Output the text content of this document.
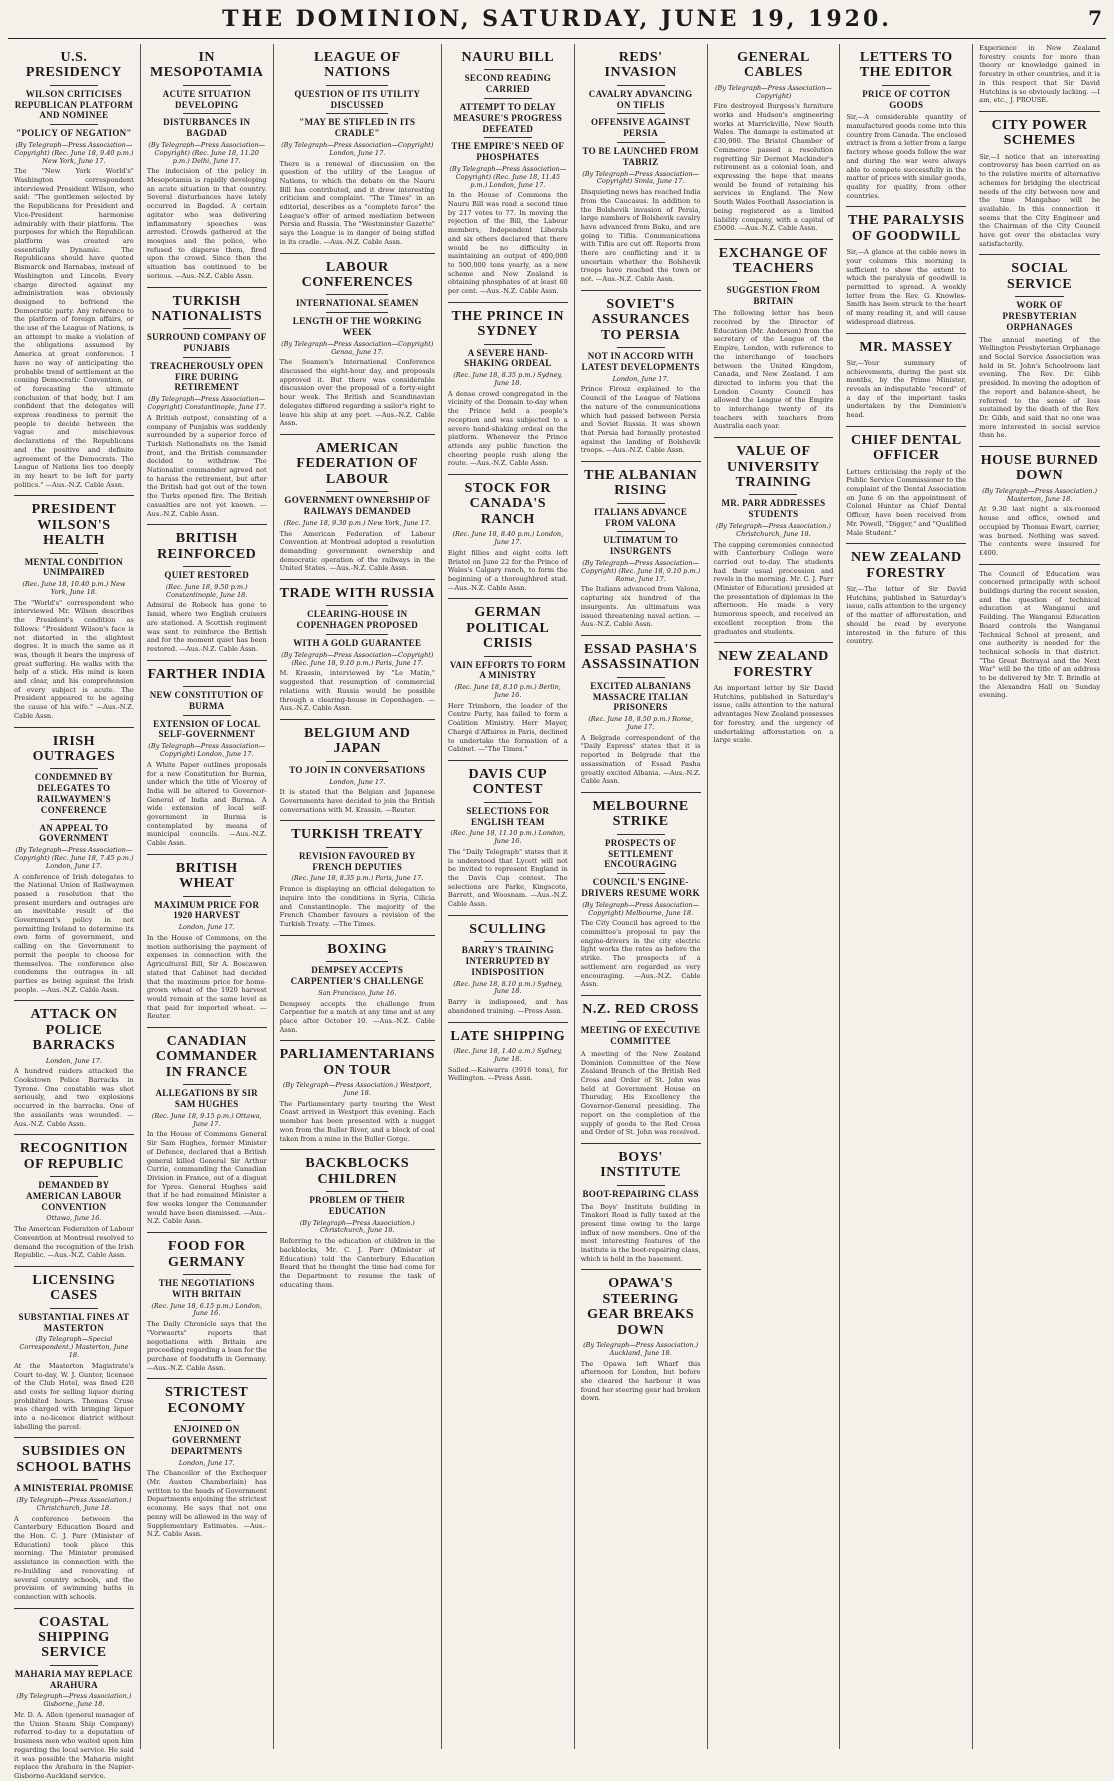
THE DOMINION, SATURDAY, JUNE 19, 1920.	7
U.S. PRESIDENCY
WILSON CRITICISES REPUBLICAN PLATFORM AND NOMINEE
"POLICY OF NEGATION"
(By Telegraph—Press Association—Copyright) (Rec. June 18, 9.40 p.m.) New York, June 17.

The "New York World's" Washington correspondent interviewed President Wilson, who said: "The gentlemen selected by the Republicans for President and Vice-President harmonise admirably with their platform. The purposes for which the Republican platform was created are essentially Dynamic. The Republicans should have quoted Bismarck and Barnabas, instead of Washington and Lincoln. Every charge directed against my administration was obviously designed to befriend the Democratic party. Any reference to the platform of foreign affairs, or the use of the League of Nations, is an attempt to make a violation of the obligations assumed by America at great conference. I have no way of anticipating the probable trend of settlement at the coming Democratic Convention, or of forecasting the ultimate conclusion of that body, but I am confident that the delegates will express readiness to permit the people to decide between the vague and mischievous declarations of the Republicans and the positive and definite agreement of the Democrats. The League of Nations lies too deeply in my heart to be left for party politics." —Aus.-N.Z. Cable Assn.

PRESIDENT WILSON'S HEALTH
MENTAL CONDITION UNIMPAIRED
(Rec. June 18, 10.40 p.m.) New York, June 18.

The "World's" correspondent who interviewed Mr. Wilson describes the President's condition as follows: "President Wilson's face is not distorted in the slightest degree. It is much the same as it was, though it bears the impress of great suffering. He walks with the help of a stick. His mind is keen and clear, and his comprehension of every subject is acute. The President appeared to be ageing the cause of his wife." —Aus.-N.Z. Cable Assn.

IRISH OUTRAGES
CONDEMNED BY DELEGATES TO RAILWAYMEN'S CONFERENCE
AN APPEAL TO GOVERNMENT
(By Telegraph—Press Association—Copyright) (Rec. June 18, 7.45 p.m.) London, June 17.

A conference of Irish delegates to the National Union of Railwaymen passed a resolution that the present murders and outrages are an inevitable result of the Government's policy in not permitting Ireland to determine its own form of government, and calling on the Government to permit the people to choose for themselves. The conference also condemns the outrages in all parties as being against the Irish people. —Aus.-N.Z. Cable Assn.

ATTACK ON POLICE BARRACKS
London, June 17.

A hundred raiders attacked the Cookstown Police Barracks in Tyrone. One constable was shot seriously, and two explosions occurred in the barracks. One of the assailants was wounded. —Aus.-N.Z. Cable Assn.

RECOGNITION OF REPUBLIC
DEMANDED BY AMERICAN LABOUR CONVENTION
Ottawa, June 16.

The American Federation of Labour Convention at Montreal resolved to demand the recognition of the Irish Republic. —Aus.-N.Z. Cable Assn.

LICENSING CASES
SUBSTANTIAL FINES AT MASTERTON
(By Telegraph—Special Correspondent.) Masterton, June 18.

At the Masterton Magistrate's Court to-day, W. J. Gunter, licensee of the Club Hotel, was fined £20 and costs for selling liquor during prohibited hours. Thomas Cruse was charged with bringing liquor into a no-licence district without labelling the parcel.

SUBSIDIES ON SCHOOL BATHS
A MINISTERIAL PROMISE
(By Telegraph—Press Association.) Christchurch, June 18.

A conference between the Canterbury Education Board and the Hon. C. J. Parr (Minister of Education) took place this morning. The Minister promised assistance in connection with the re-building and renovating of several country schools, and the provision of swimming baths in connection with schools.

COASTAL SHIPPING SERVICE
MAHARIA MAY REPLACE ARAHURA
(By Telegraph—Press Association.) Gisborne, June 18.

Mr. D. A. Allen (general manager of the Union Steam Ship Company) referred to-day to a deputation of business men who waited upon him regarding the local service. He said it was possible the Maharia might replace the Arahura in the Napier-Gisborne-Auckland service.

IN MESOPOTAMIA
ACUTE SITUATION DEVELOPING
DISTURBANCES IN BAGDAD
(By Telegraph—Press Association—Copyright) (Rec. June 18, 11.20 p.m.) Delhi, June 17.

The indecision of the policy in Mesopotamia is rapidly developing an acute situation in that country. Several disturbances have lately occurred in Bagdad. A certain agitator who was delivering inflammatory speeches was arrested. Crowds gathered at the mosques and the police, who refused to disperse them, fired upon the crowd. Since then the situation has continued to be serious. —Aus.-N.Z. Cable Assn.

TURKISH NATIONALISTS
SURROUND COMPANY OF PUNJABIS
TREACHEROUSLY OPEN FIRE DURING RETIREMENT
(By Telegraph—Press Association—Copyright) Constantinople, June 17.

A British outpost, consisting of a company of Punjabis was suddenly surrounded by a superior force of Turkish Nationalists on the Ismid front, and the British commander decided to withdraw. The Nationalist commander agreed not to harass the retirement, but after the British had got out of the town the Turks opened fire. The British casualties are not yet known. —Aus.-N.Z. Cable Assn.

BRITISH REINFORCED
QUIET RESTORED
(Rec. June 18, 9.50 p.m.) Constantinople, June 18.

Admiral de Robeck has gone to Ismid, where two English cruisers are stationed. A Scottish regiment was sent to reinforce the British and for the moment quiet has been restored. —Aus.-N.Z. Cable Assn.

FARTHER INDIA
NEW CONSTITUTION OF BURMA
EXTENSION OF LOCAL SELF-GOVERNMENT
(By Telegraph—Press Association—Copyright) London, June 17.

A White Paper outlines proposals for a new Constitution for Burma, under which the title of Viceroy of India will be altered to Governor-General of India and Burma. A wide extension of local self-government in Burma is contemplated by means of municipal councils. —Aus.-N.Z. Cable Assn.

BRITISH WHEAT
MAXIMUM PRICE FOR 1920 HARVEST
London, June 17.

In the House of Commons, on the motion authorising the payment of expenses in connection with the Agricultural Bill, Sir A. Boscawen stated that Cabinet had decided that the maximum price for home-grown wheat of the 1920 harvest would remain at the same level as that paid for imported wheat. —Reuter.

CANADIAN COMMANDER IN FRANCE
ALLEGATIONS BY SIR SAM HUGHES
(Rec. June 18, 9.15 p.m.) Ottawa, June 17.

In the House of Commons General Sir Sam Hughes, former Minister of Defence, declared that a British general killed General Sir Arthur Currie, commanding the Canadian Division in France, out of a disgust for Ypres. General Hughes said that if he had remained Minister a few weeks longer the Commander would have been dismissed. —Aus.-N.Z. Cable Assn.

FOOD FOR GERMANY
THE NEGOTIATIONS WITH BRITAIN
(Rec. June 18, 6.15 p.m.) London, June 16.

The Daily Chronicle says that the "Vorwaerts" reports that negotiations with Britain are proceeding regarding a loan for the purchase of foodstuffs in Germany. —Aus.-N.Z. Cable Assn.

STRICTEST ECONOMY
ENJOINED ON GOVERNMENT DEPARTMENTS
London, June 17.

The Chancellor of the Exchequer (Mr. Austen Chamberlain) has written to the heads of Government Departments enjoining the strictest economy. He says that not one penny will be allowed in the way of Supplementary Estimates. —Aus.-N.Z. Cable Assn.

LEAGUE OF NATIONS
QUESTION OF ITS UTILITY DISCUSSED
"MAY BE STIFLED IN ITS CRADLE"
(By Telegraph—Press Association—Copyright) London, June 17.

There is a renewal of discussion on the question of the utility of the League of Nations, to which the debate on the Nauru Bill has contributed, and it drew interesting criticism and complaint. "The Times" in an editorial, describes as a "complete farce" the League's offer of armed mediation between Persia and Russia. The "Westminster Gazette" says the League is in danger of being stifled in its cradle. —Aus.-N.Z. Cable Assn.

LABOUR CONFERENCES
INTERNATIONAL SEAMEN
LENGTH OF THE WORKING WEEK
(By Telegraph—Press Association—Copyright) Genoa, June 17.

The Seamen's International Conference discussed the eight-hour day, and proposals approved it. But there was considerable discussion over the proposal of a forty-eight hour week. The British and Scandinavian delegates differed regarding a sailor's right to leave his ship at any port. —Aus.-N.Z. Cable Assn.

AMERICAN FEDERATION OF LABOUR
GOVERNMENT OWNERSHIP OF RAILWAYS DEMANDED
(Rec. June 18, 9.30 p.m.) New York, June 17.

The American Federation of Labour Convention at Montreal adopted a resolution demanding government ownership and democratic operation of the railways in the United States. —Aus.-N.Z. Cable Assn.

TRADE WITH RUSSIA
CLEARING-HOUSE IN COPENHAGEN PROPOSED
WITH A GOLD GUARANTEE
(By Telegraph—Press Association—Copyright) (Rec. June 18, 9.10 p.m.) Paris, June 17.

M. Krassin, interviewed by "Le Matin," suggested that resumption of commercial relations with Russia would be possible through a clearing-house in Copenhagen. —Aus.-N.Z. Cable Assn.

BELGIUM AND JAPAN
TO JOIN IN CONVERSATIONS
London, June 17.

It is stated that the Belgian and Japanese Governments have decided to join the British conversations with M. Krassin. —Reuter.

TURKISH TREATY
REVISION FAVOURED BY FRENCH DEPUTIES
(Rec. June 18, 8.35 p.m.) Paris, June 17.

France is displaying an official delegation to inquire into the conditions in Syria, Cilicia and Constantinople. The majority of the French Chamber favours a revision of the Turkish Treaty. —The Times.

BOXING
DEMPSEY ACCEPTS CARPENTIER'S CHALLENGE
San Francisco, June 16.

Dempsey accepts the challenge from Carpentier for a match at any time and at any place after October 10. —Aus.-N.Z. Cable Assn.

PARLIAMENTARIANS ON TOUR
(By Telegraph—Press Association.) Westport, June 18.

The Parliamentary party touring the West Coast arrived in Westport this evening. Each member has been presented with a nugget won from the Buller River, and a block of coal taken from a mine in the Buller Gorge.

BACKBLOCKS CHILDREN
PROBLEM OF THEIR EDUCATION
(By Telegraph—Press Association.) Christchurch, June 18.

Referring to the education of children in the backblocks, Mr. C. J. Parr (Minister of Education) told the Canterbury Education Board that he thought the time had come for the Department to resume the task of educating them.

NAURU BILL
SECOND READING CARRIED
ATTEMPT TO DELAY MEASURE'S PROGRESS DEFEATED
THE EMPIRE'S NEED OF PHOSPHATES
(By Telegraph—Press Association—Copyright) (Rec. June 18, 11.45 p.m.) London, June 17.

In the House of Commons the Nauru Bill was read a second time by 217 votes to 77. In moving the rejection of the Bill, the Labour members, Independent Liberals and six others declared that there would be no difficulty in maintaining an output of 400,000 to 500,000 tons yearly, as a new scheme and New Zealand is obtaining phosphates of at least 60 per cent. —Aus.-N.Z. Cable Assn.

THE PRINCE IN SYDNEY
A SEVERE HAND-SHAKING ORDEAL
(Rec. June 18, 8.35 p.m.) Sydney, June 18.

A dense crowd congregated in the vicinity of the Domain to-day when the Prince held a people's reception and was subjected to a severe hand-shaking ordeal on the platform. Whenever the Prince attends any public function the cheering people rush along the route. —Aus.-N.Z. Cable Assn.

STOCK FOR CANADA'S RANCH
(Rec. June 18, 8.40 p.m.) London, June 17.

Eight fillies and eight colts left Bristol on June 22 for the Prince of Wales's Calgary ranch, to form the beginning of a thoroughbred stud. —Aus.-N.Z. Cable Assn.

GERMAN POLITICAL CRISIS
VAIN EFFORTS TO FORM A MINISTRY
(Rec. June 18, 8.10 p.m.) Berlin, June 16.

Herr Trimborn, the leader of the Centre Party, has failed to form a Coalition Ministry. Herr Mayer, Chargé d'Affaires in Paris, declined to undertake the formation of a Cabinet. —"The Times."

DAVIS CUP CONTEST
SELECTIONS FOR ENGLISH TEAM
(Rec. June 18, 11.10 p.m.) London, June 16.

The "Daily Telegraph" states that it is understood that Lycett will not be invited to represent England in the Davis Cup contest. The selections are Parke, Kingscote, Barrett, and Woosnam. —Aus.-N.Z. Cable Assn.

SCULLING
BARRY'S TRAINING INTERRUPTED BY INDISPOSITION
(Rec. June 18, 8.10 p.m.) Sydney, June 18.

Barry is indisposed, and has abandoned training. —Press Assn.

LATE SHIPPING
(Rec. June 18, 1.40 a.m.) Sydney, June 18.

Sailed.—Kaiwarra (3916 tons), for Wellington. —Press Assn.

REDS' INVASION
CAVALRY ADVANCING ON TIFLIS
OFFENSIVE AGAINST PERSIA
TO BE LAUNCHED FROM TABRIZ
(By Telegraph—Press Association—Copyright) Simla, June 17.

Disquieting news has reached India from the Caucasus. In addition to the Bolshevik invasion of Persia, large numbers of Bolshevik cavalry have advanced from Baku, and are going to Tiflis. Communications with Tiflis are cut off. Reports from there are conflicting and it is uncertain whether the Bolshevik troops have reached the town or not. —Aus.-N.Z. Cable Assn.

SOVIET'S ASSURANCES TO PERSIA
NOT IN ACCORD WITH LATEST DEVELOPMENTS
London, June 17.

Prince Firouz explained to the Council of the League of Nations the nature of the communications which had passed between Persia and Soviet Russia. It was shown that Persia had formally protested against the landing of Bolshevik troops. —Aus.-N.Z. Cable Assn.

THE ALBANIAN RISING
ITALIANS ADVANCE FROM VALONA
ULTIMATUM TO INSURGENTS
(By Telegraph—Press Association—Copyright) (Rec. June 18, 9.10 p.m.) Rome, June 17.

The Italians advanced from Valona, capturing six hundred of the insurgents. An ultimatum was issued threatening naval action. —Aus.-N.Z. Cable Assn.

ESSAD PASHA'S ASSASSINATION
EXCITED ALBANIANS MASSACRE ITALIAN PRISONERS
(Rec. June 18, 8.50 p.m.) Rome, June 17.

A Belgrade correspondent of the "Daily Express" states that it is reported in Belgrade that the assassination of Essad Pasha greatly excited Albania. —Aus.-N.Z. Cable Assn.

MELBOURNE STRIKE
PROSPECTS OF SETTLEMENT ENCOURAGING
COUNCIL'S ENGINE-DRIVERS RESUME WORK
(By Telegraph—Press Association—Copyright) Melbourne, June 18.

The City Council has agreed to the committee's proposal to pay the engine-drivers in the city electric light works the rates as before the strike. The prospects of a settlement are regarded as very encouraging. —Aus.-N.Z. Cable Assn.

N.Z. RED CROSS
MEETING OF EXECUTIVE COMMITTEE

A meeting of the New Zealand Dominion Committee of the New Zealand Branch of the British Red Cross and Order of St. John was held at Government House on Thursday, His Excellency the Governor-General presiding. The report on the completion of the supply of goods to the Red Cross and Order of St. John was received.

BOYS' INSTITUTE
BOOT-REPAIRING CLASS

The Boys' Institute building in Tinakori Road is fully taxed at the present time owing to the large influx of new members. One of the most interesting features of the institute is the boot-repairing class, which is held in the basement.

OPAWA'S STEERING GEAR BREAKS DOWN
(By Telegraph—Press Association.) Auckland, June 18.

The Opawa left Wharf this afternoon for London, but before she cleared the harbour it was found her steering gear had broken down.

GENERAL CABLES
(By Telegraph—Press Association—Copyright)

Fire destroyed Burgess's furniture works and Hudson's engineering works at Marrickville, New South Wales. The damage is estimated at £30,000. The Bristol Chamber of Commerce passed a resolution regretting Sir Dermot Mackinder's retirement as a colonial loan, and expressing the hope that means would be found of retaining his services in England. The New South Wales Football Association is being registered as a limited liability company, with a capital of £5000. —Aus.-N.Z. Cable Assn.

EXCHANGE OF TEACHERS
SUGGESTION FROM BRITAIN

The following letter has been received by the Director of Education (Mr. Anderson) from the secretary of the League of the Empire, London, with reference to the interchange of teachers between the United Kingdom, Canada, and New Zealand. I am directed to inform you that the London County Council has allowed the League of the Empire to interchange twenty of its teachers with teachers from Australia each year.

VALUE OF UNIVERSITY TRAINING
MR. PARR ADDRESSES STUDENTS
(By Telegraph—Press Association.) Christchurch, June 18.

The capping ceremonies connected with Canterbury College were carried out to-day. The students had their usual procession and revels in the morning. Mr. C. J. Parr (Minister of Education) presided at the presentation of diplomas in the afternoon. He made a very humorous speech, and received an excellent reception from the graduates and students.

NEW ZEALAND FORESTRY

An important letter by Sir David Hutchins, published in Saturday's issue, calls attention to the natural advantages New Zealand possesses for forestry, and the urgency of undertaking afforestation on a large scale.

LETTERS TO THE EDITOR
PRICE OF COTTON GOODS

Sir,—A considerable quantity of manufactured goods come into this country from Canada. The enclosed extract is from a letter from a large factory whose goods follow the war and during the war were always able to compete successfully in the matter of prices with similar goods, quality for quality, from other countries.

THE PARALYSIS OF GOODWILL

Sir,—A glance at the cable news in your columns this morning is sufficient to show the extent to which the paralysis of goodwill is permitted to spread. A weekly letter from the Rev. G. Knowles-Smith has been struck to the heart of many reading it, and will cause widespread distress.

MR. MASSEY

Sir,—Your summary of achievements, during the past six months, by the Prime Minister, reveals an indisputable "record" of a day of the important tasks undertaken by the Dominion's head.

CHIEF DENTAL OFFICER

Letters criticising the reply of the Public Service Commissioner to the complaint of the Dental Association on June 6 on the appointment of Colonel Hunter as Chief Dental Officer, have been received from Mr. Powell, "Digger," and "Qualified Male Student."

NEW ZEALAND FORESTRY

Sir,—The letter of Sir David Hutchins, published in Saturday's issue, calls attention to the urgency of the matter of afforestation, and should be read by everyone interested in the future of this country.

Experience in New Zealand forestry counts for more than theory or knowledge gained in forestry in other countries, and it is in this respect that Sir David Hutchins is so obviously lacking. —I am, etc., J. PROUSE.

CITY POWER SCHEMES

Sir,—I notice that an interesting controversy has been carried on as to the relative merits of alternative schemes for bridging the electrical needs of the city between now and the time Mangahao will be available. In this connection it seems that the City Engineer and the Chairman of the City Council have got over the obstacles very satisfactorily.

SOCIAL SERVICE
WORK OF PRESBYTERIAN ORPHANAGES

The annual meeting of the Wellington Presbyterian Orphanage and Social Service Association was held in St. John's Schoolroom last evening. The Rev. Dr. Gibb presided. In moving the adoption of the report and balance-sheet, he referred to the sense of loss sustained by the death of the Rev. Dr. Gibb, and said that no one was more interested in social service than he.

HOUSE BURNED DOWN
(By Telegraph—Press Association.) Masterton, June 18.

At 9.30 last night a six-roomed house and office, owned and occupied by Thomas Ewart, carrier, was burned. Nothing was saved. The contents were insured for £400.

The Council of Education was concerned principally with school buildings during the recent session, and the question of technical education at Wanganui and Feilding. The Wanganui Education Board controls the Wanganui Technical School at present, and one authority is needed for the technical schools in that district. "The Great Betrayal and the Next War" will be the title of an address to be delivered by Mr. T. Brindle at the Alexandra Hall on Sunday evening.
